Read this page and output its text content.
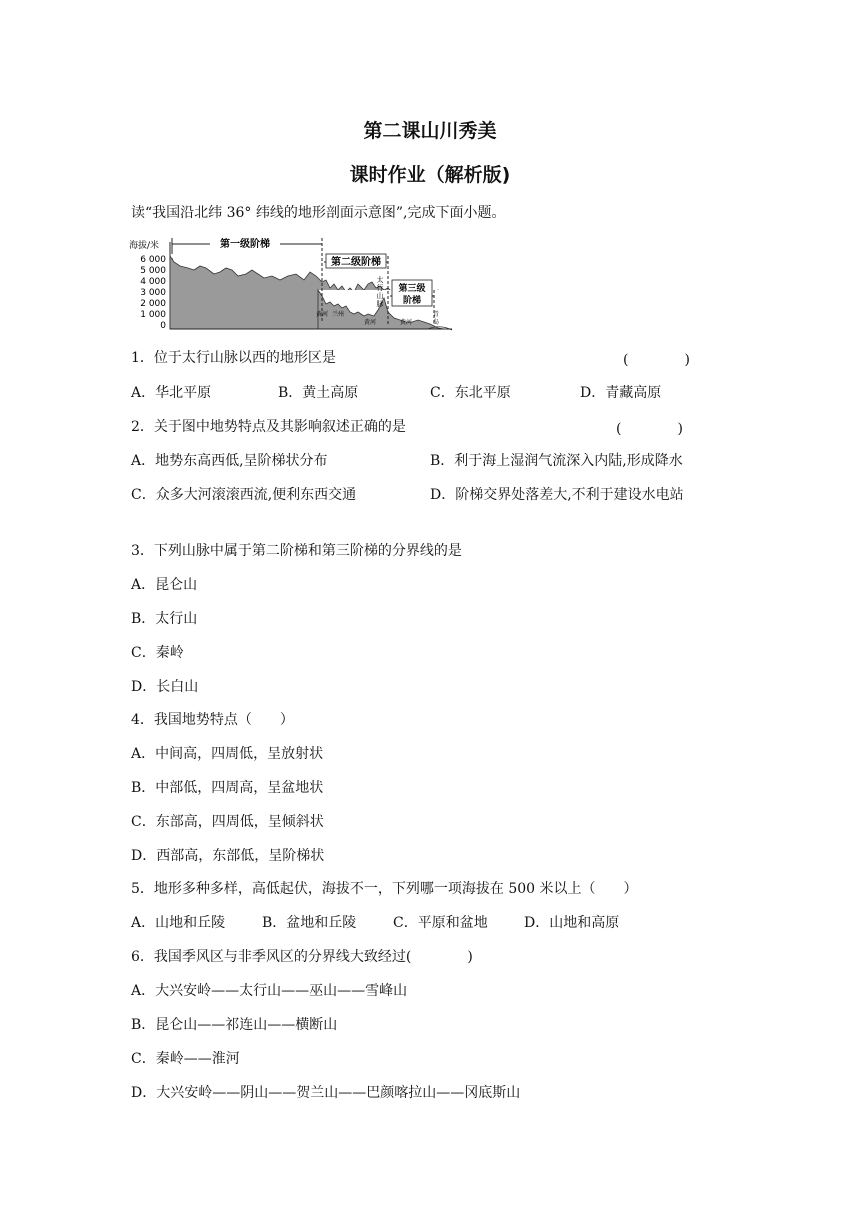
第二课山川秀美
课时作业（解析版)
读“我国沿北纬 36° 纬线的地形剖面示意图”,完成下面小题。
海拔/米
6 000
5 000
4 000
3 000
2 000
1 000
0
第一级阶梯
第二级阶梯
第三级
阶梯
太
行
山
脉
黄河 兰州
黄河	黄河
青
岛
1．位于太行山脉以西的地形区是	(　　　　)
A．华北平原	B．黄土高原	C．东北平原	D．青藏高原
2．关于图中地势特点及其影响叙述正确的是	(　　　　)
A．地势东高西低,呈阶梯状分布	B．利于海上湿润气流深入内陆,形成降水
C．众多大河滚滚西流,便利东西交通	D．阶梯交界处落差大,不利于建设水电站
3．下列山脉中属于第二阶梯和第三阶梯的分界线的是
A．昆仑山
B．太行山
C．秦岭
D．长白山
4．我国地势特点（　　）
A．中间高，四周低，呈放射状
B．中部低，四周高，呈盆地状
C．东部高，四周低，呈倾斜状
D．西部高，东部低，呈阶梯状
5．地形多种多样，高低起伏，海拔不一，下列哪一项海拔在 500 米以上（　　）
A．山地和丘陵	B．盆地和丘陵	C．平原和盆地	D．山地和高原
6．我国季风区与非季风区的分界线大致经过(　　　　)
A．大兴安岭——太行山——巫山——雪峰山
B．昆仑山——祁连山——横断山
C．秦岭——淮河
D．大兴安岭——阴山——贺兰山——巴颜喀拉山——冈底斯山
